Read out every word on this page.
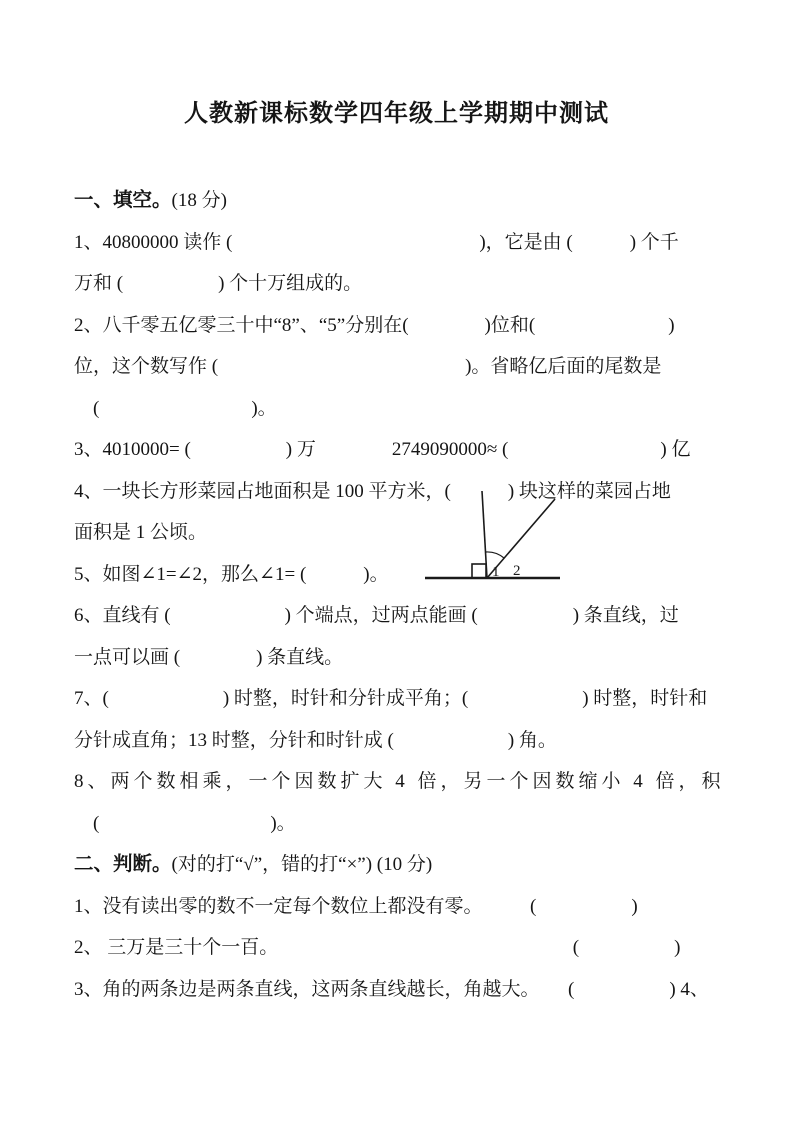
人教新课标数学四年级上学期期中测试
一、填空。(18 分)
1、40800000 读作 (　　　　　　　　　　　　　)，它是由 (　　　) 个千
万和 (　　　　　) 个十万组成的。
2、八千零五亿零三十中“8”、“5”分别在(　　　　)位和(　　　　　　　)
位，这个数写作 (　　　　　　　　　　　　　)。省略亿后面的尾数是
　(　　　　　　　　)。
3、4010000= (　　　　　) 万　　　　2749090000≈ (　　　　　　　　) 亿
4、一块长方形菜园占地面积是 100 平方米，(　　　) 块这样的菜园占地
面积是 1 公顷。
5、如图∠1=∠2，那么∠1= (　　　)。
6、直线有 (　　　　　　) 个端点，过两点能画 (　　　　　) 条直线，过
一点可以画 (　　　　) 条直线。
7、(　　　　　　) 时整，时针和分针成平角；(　　　　　　) 时整，时针和
分针成直角；13 时整，分针和时针成 (　　　　　　) 角。
8、两个数相乘，一个因数扩大 4 倍，另一个因数缩小 4 倍，积
　(　　　　　　　　　)。
二、判断。(对的打“√”，错的打“×”) (10 分)
1、没有读出零的数不一定每个数位上都没有零。　　　(　　　　　)
2、 三万是三十个一百。　　　　　　　　　　　　　　　　(　　　　　)
3、角的两条边是两条直线，这两条直线越长，角越大。　　(　　　　　) 4、
1 2
